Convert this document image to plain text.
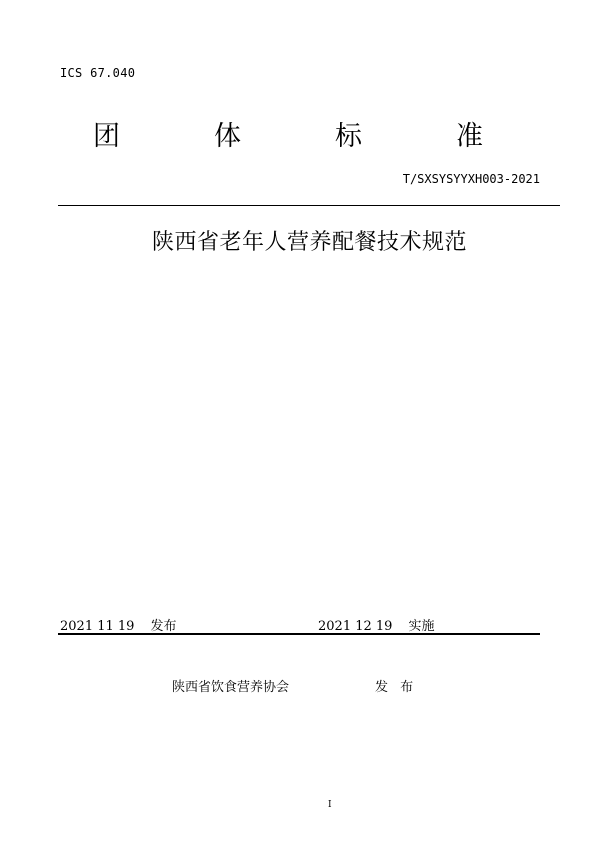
ICS 67.040
团	体	标	准
T/SXSYSYYXH003-2021
陕西省老年人营养配餐技术规范
2021 11 19 发布	2021 12 19 实施
陕西省饮食营养协会	发 布
I
